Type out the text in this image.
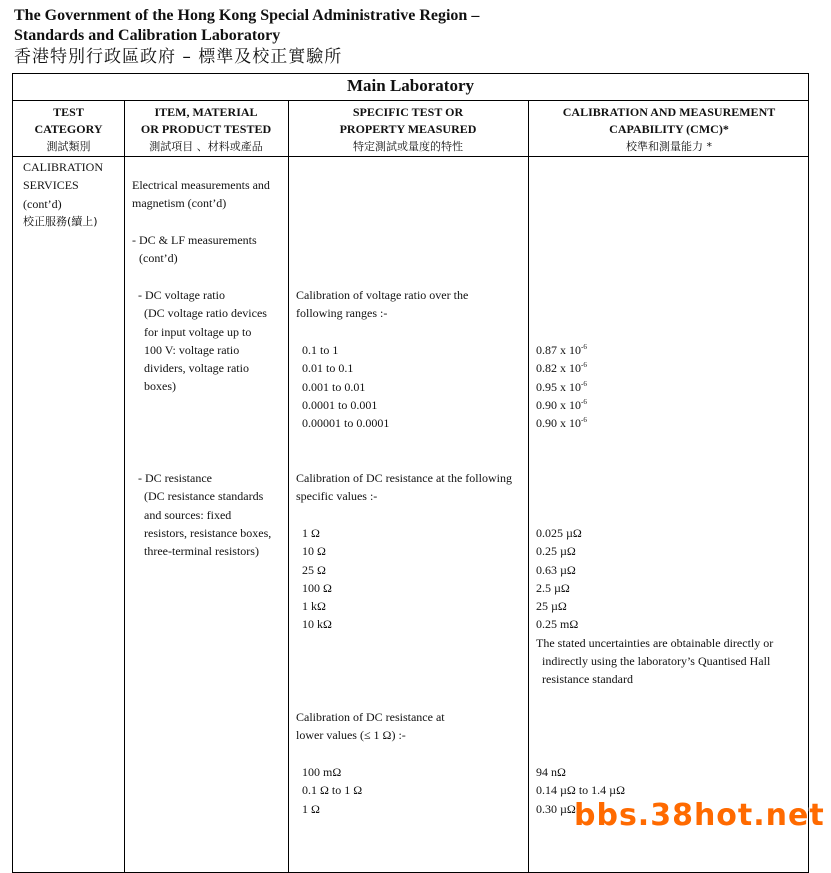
The Government of the Hong Kong Special Administrative Region –
Standards and Calibration Laboratory
香港特別行政區政府 – 標準及校正實驗所
Main Laboratory
TEST
CATEGORY
測試類別
ITEM, MATERIAL
OR PRODUCT TESTED
測試項目 、材料或產品
SPECIFIC TEST OR
PROPERTY MEASURED
特定測試或量度的特性
CALIBRATION AND MEASUREMENT
CAPABILITY (CMC)*
校準和測量能力 *
CALIBRATION
SERVICES
(cont’d)
校正服務(續上)
Electrical measurements and
magnetism (cont’d)
- DC & LF measurements
(cont’d)
- DC voltage ratio
(DC voltage ratio devices
for input voltage up to
100 V: voltage ratio
dividers, voltage ratio
boxes)
- DC resistance
(DC resistance standards
and sources: fixed
resistors, resistance boxes,
three-terminal resistors)
Calibration of voltage ratio over the
following ranges :-
0.1 to 1
0.01 to 0.1
0.001 to 0.01
0.0001 to 0.001
0.00001 to 0.0001
Calibration of DC resistance at the following
specific values :-
1 Ω
10 Ω
25 Ω
100 Ω
1 kΩ
10 kΩ
Calibration of DC resistance at
lower values (≤ 1 Ω) :-
100 mΩ
0.1 Ω to 1 Ω
1 Ω
0.87 x $10^{-6}$
0.82 x $10^{-6}$
0.95 x $10^{-6}$
0.90 x $10^{-6}$
0.90 x $10^{-6}$
0.025 µΩ
0.25 µΩ
0.63 µΩ
2.5 µΩ
25 µΩ
0.25 mΩ
The stated uncertainties are obtainable directly or
indirectly using the laboratory’s Quantised Hall
resistance standard
94 nΩ
0.14 µΩ to 1.4 µΩ
0.30 µΩ
bbs.38hot.net
